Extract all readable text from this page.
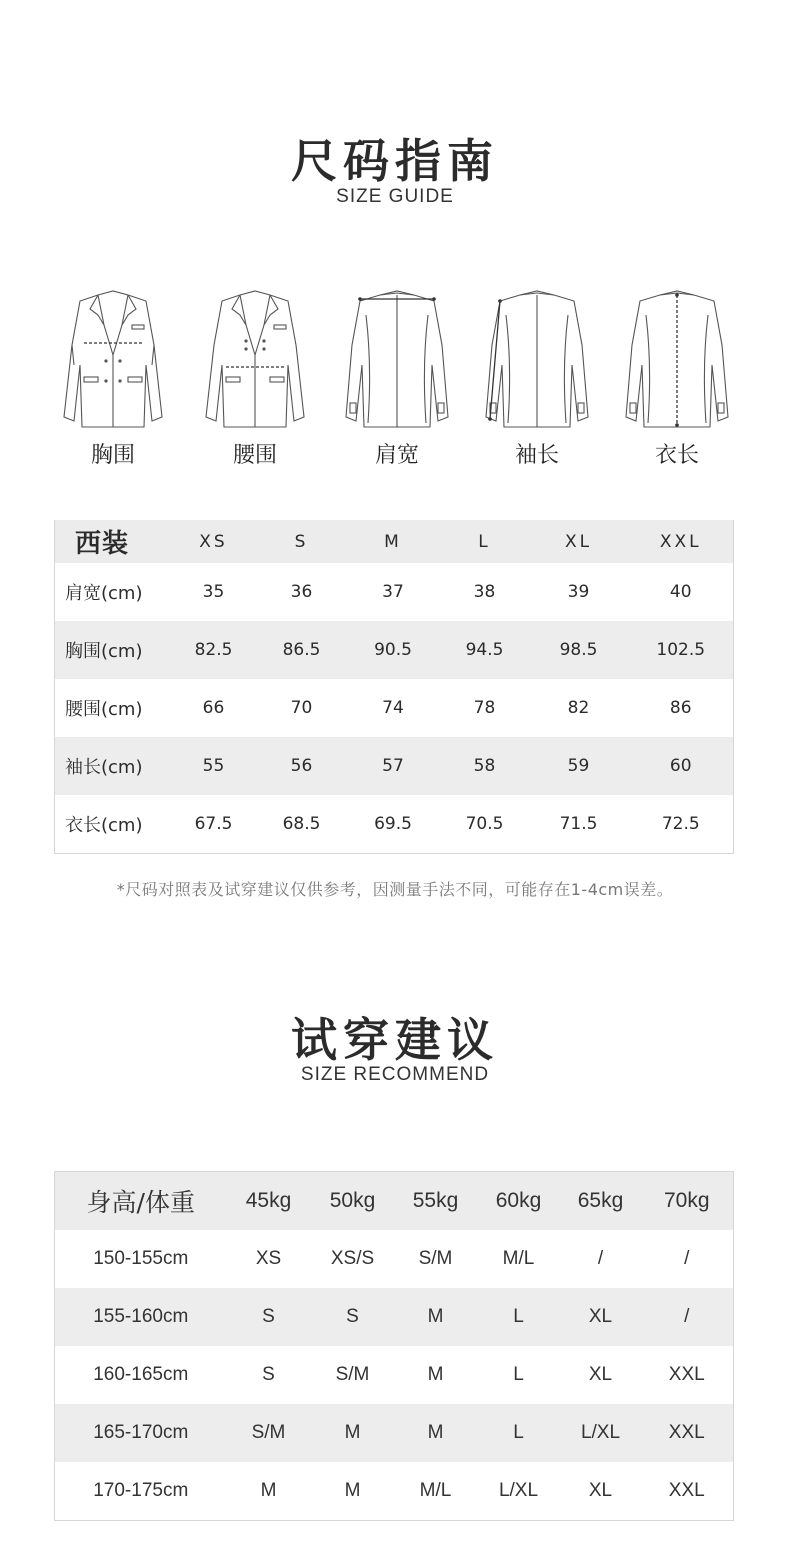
尺码指南
SIZE GUIDE
胸围	腰围	肩宽	袖长	衣长
西装	XS	S	M	L	XL	XXL
肩宽(cm)	35	36	37	38	39	40
胸围(cm)	82.5	86.5	90.5	94.5	98.5	102.5
腰围(cm)	66	70	74	78	82	86
袖长(cm)	55	56	57	58	59	60
衣长(cm)	67.5	68.5	69.5	70.5	71.5	72.5
*尺码对照表及试穿建议仅供参考，因测量手法不同，可能存在1-4cm误差。
试穿建议
SIZE RECOMMEND
身高/体重	45kg	50kg	55kg	60kg	65kg	70kg
150-155cm	XS	XS/S	S/M	M/L	/	/
155-160cm	S	S	M	L	XL	/
160-165cm	S	S/M	M	L	XL	XXL
165-170cm	S/M	M	M	L	L/XL	XXL
170-175cm	M	M	M/L	L/XL	XL	XXL
